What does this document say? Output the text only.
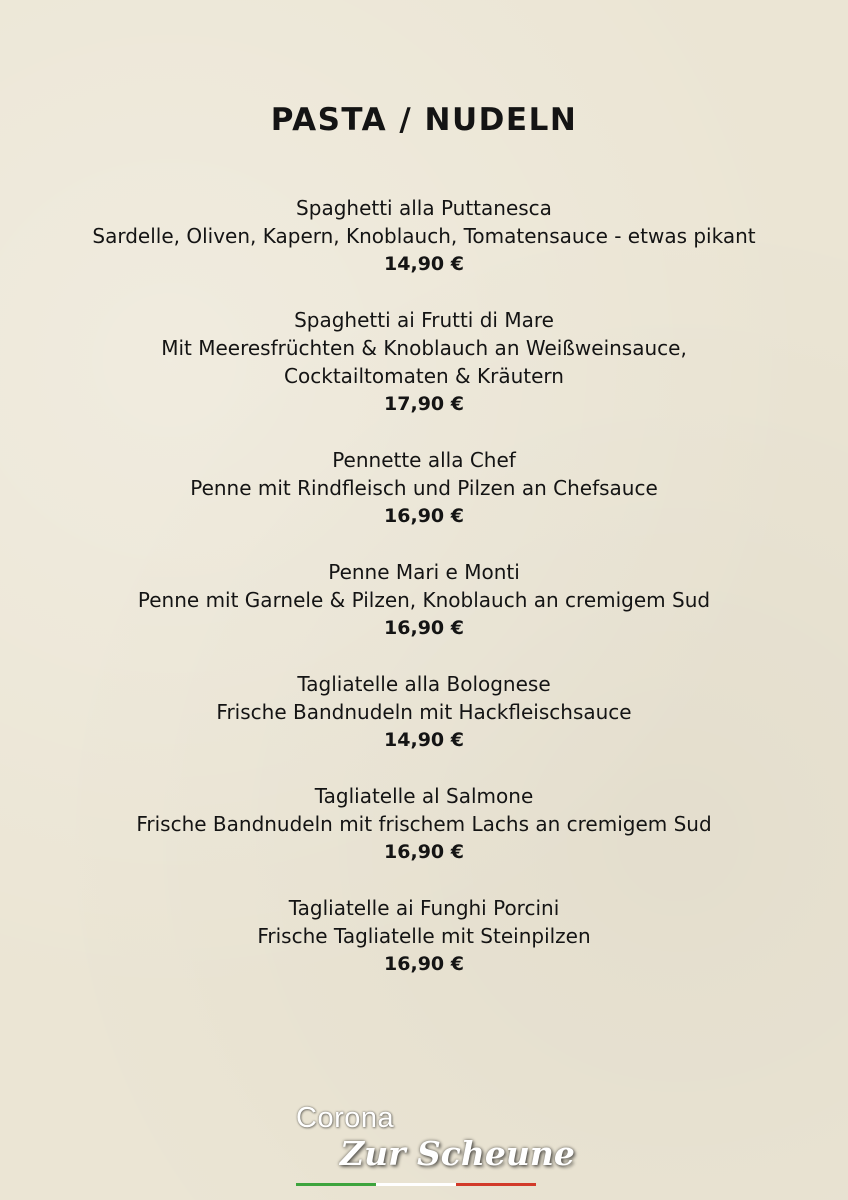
PASTA / NUDELN
Spaghetti alla Puttanesca
Sardelle, Oliven, Kapern, Knoblauch, Tomatensauce - etwas pikant
14,90 €
Spaghetti ai Frutti di Mare
Mit Meeresfrüchten & Knoblauch an Weißweinsauce,
Cocktailtomaten & Kräutern
17,90 €
Pennette alla Chef
Penne mit Rindfleisch und Pilzen an Chefsauce
16,90 €
Penne Mari e Monti
Penne mit Garnele & Pilzen, Knoblauch an cremigem Sud
16,90 €
Tagliatelle alla Bolognese
Frische Bandnudeln mit Hackfleischsauce
14,90 €
Tagliatelle al Salmone
Frische Bandnudeln mit frischem Lachs an cremigem Sud
16,90 €
Tagliatelle ai Funghi Porcini
Frische Tagliatelle mit Steinpilzen
16,90 €
Corona
Zur Scheune
